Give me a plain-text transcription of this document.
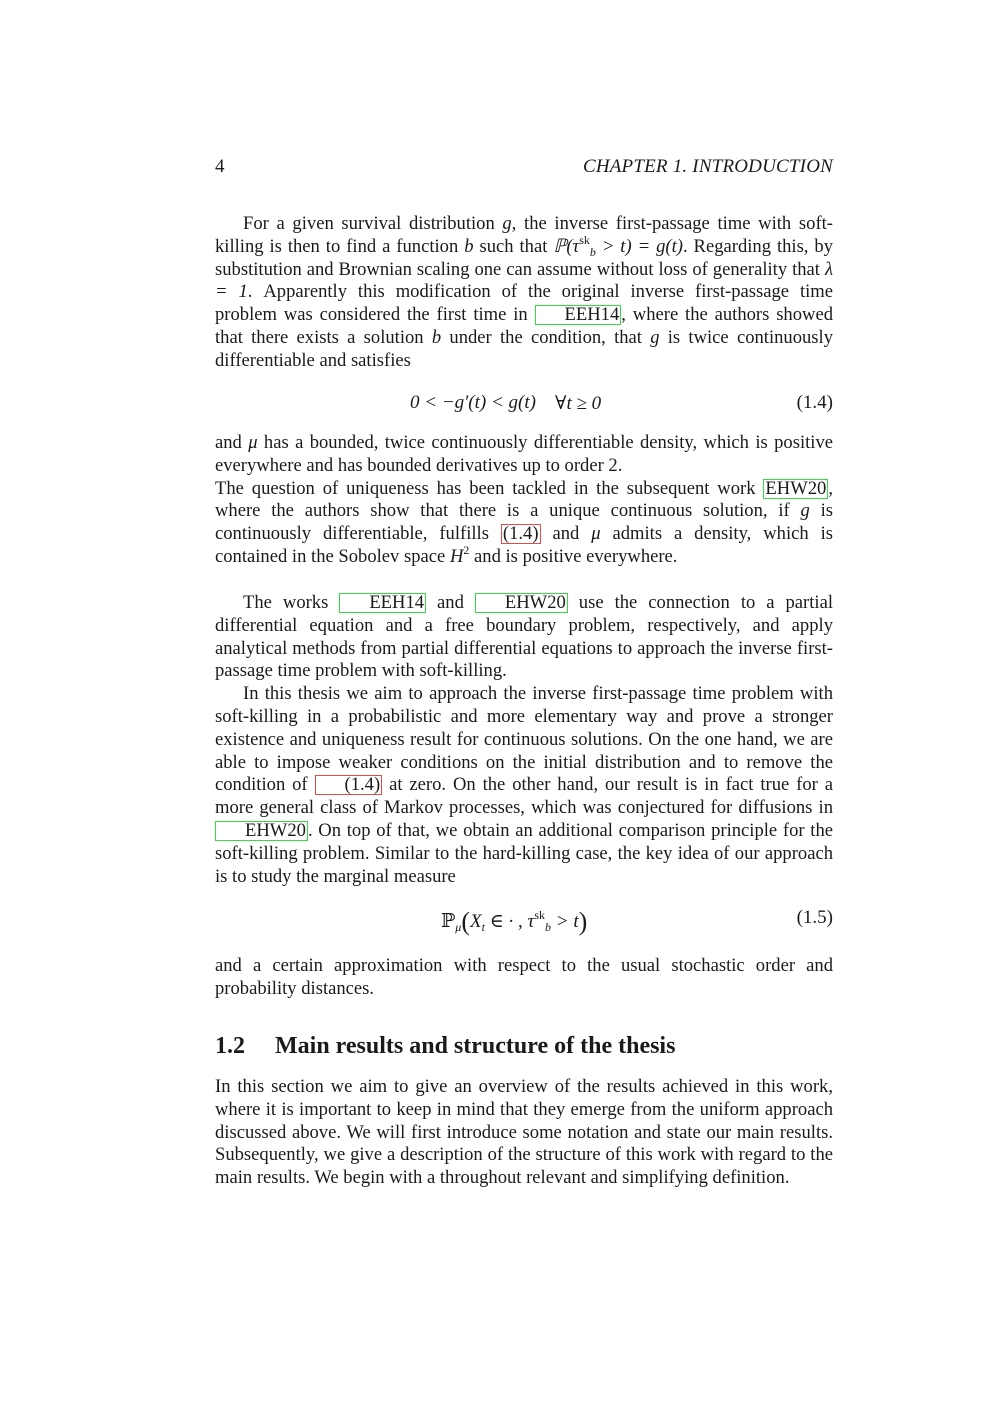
4	CHAPTER 1. INTRODUCTION

For a given survival distribution g, the inverse first-passage time with soft-killing is then to find a function b such that $ℙ(\tau^{sk}_b > t) = g(t)$. Regarding this, by substitution and Brownian scaling one can assume without loss of generality that λ = 1. Apparently this modification of the original inverse first-passage time problem was considered the first time in EEH14 , where the authors showed that there exists a solution b under the condition, that g is twice continuously differentiable and satisfies

0 < −g′(t) < g(t) ∀t ≥ 0	(1.4)

and μ has a bounded, twice continuously differentiable density, which is positive everywhere and has bounded derivatives up to order 2.

The question of uniqueness has been tackled in the subsequent work EHW20 , where the authors show that there is a unique continuous solution, if g is continuously differentiable, fulfills (1.4) and μ admits a density, which is contained in the Sobolev space $H^2$ and is positive everywhere.

The works EEH14 and EHW20 use the connection to a partial differential equation and a free boundary problem, respectively, and apply analytical methods from partial differential equations to approach the inverse first-passage time problem with soft-killing.

In this thesis we aim to approach the inverse first-passage time problem with soft-killing in a probabilistic and more elementary way and prove a stronger existence and uniqueness result for continuous solutions. On the one hand, we are able to impose weaker conditions on the initial distribution and to remove the condition of (1.4) at zero. On the other hand, our result is in fact true for a more general class of Markov processes, which was conjectured for diffusions in EHW20 . On top of that, we obtain an additional comparison principle for the soft-killing problem. Similar to the hard-killing case, the key idea of our approach is to study the marginal measure

$ℙ_\mu(X_t$ ∈ · , $\tau^{sk}_b > t$)	(1.5)

and a certain approximation with respect to the usual stochastic order and probability distances.

1.2 Main results and structure of the thesis

In this section we aim to give an overview of the results achieved in this work, where it is important to keep in mind that they emerge from the uniform approach discussed above. We will first introduce some notation and state our main results. Subsequently, we give a description of the structure of this work with regard to the main results. We begin with a throughout relevant and simplifying definition.
